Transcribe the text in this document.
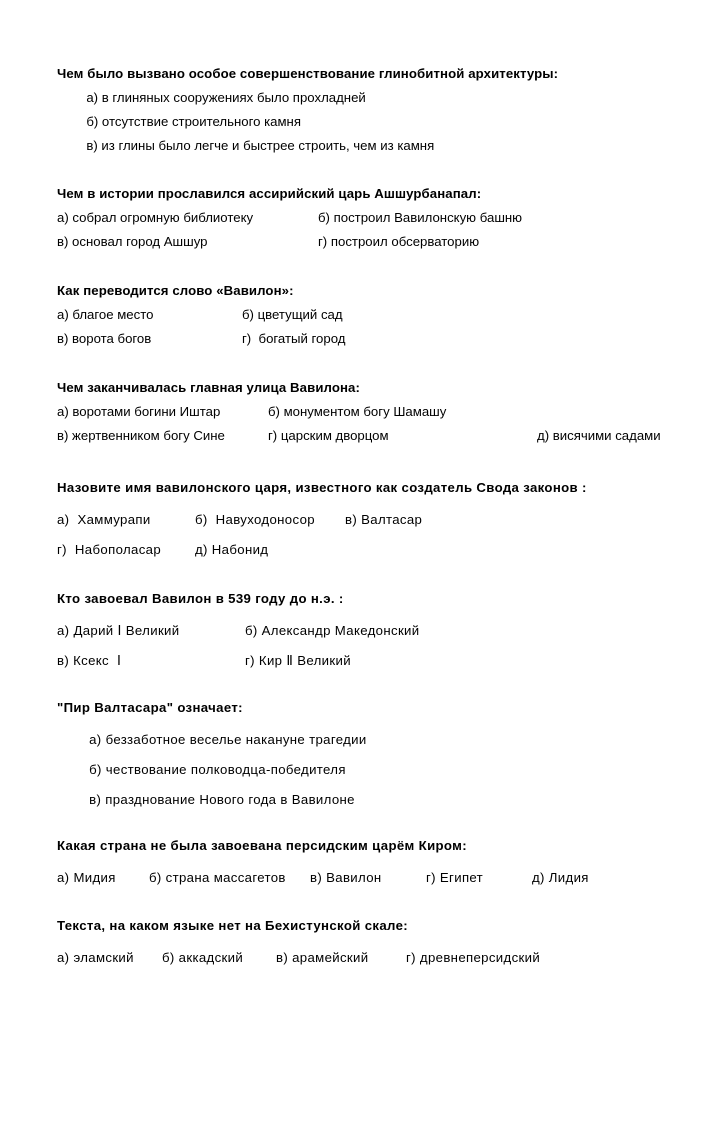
Чем было вызвано особое совершенствование глинобитной архитектуры:

а) в глиняных сооружениях было прохладней

б) отсутствие строительного камня

в) из глины было легче и быстрее строить, чем из камня

Чем в истории прославился ассирийский царь Ашшурбанапал:

а) собрал огромную библиотеку

	б) построил Вавилонскую башню

в) основал город Ашшур

	г) построил обсерваторию

Как переводится слово «Вавилон»:

а) благое место

	б) цветущий сад

в) ворота богов

	г)  богатый город

Чем заканчивалась главная улица Вавилона:

а) воротами богини Иштар

	б) монументом богу Шамашу

в) жертвенником богу Сине

	г) царским дворцом

	д) висячими садами

Назовите имя вавилонского царя, известного как создатель Свода законов :

а)  Хаммурапи

	б)  Навуходоносор

в) Валтасар

г)  Набополасар

	д) Набонид

Кто завоевал Вавилон в 539 году до н.э. :

а) Дарий Ⅰ Великий

	б) Александр Македонский

в) Ксекс  Ⅰ

	г) Кир Ⅱ Великий

"Пир Валтасара" означает:

а) беззаботное веселье накануне трагедии

б) чествование полководца-победителя

в) празднование Нового года в Вавилоне

Какая страна не была завоевана персидским царём Киром:

а) Мидия

	б) страна массагетов

в) Вавилон

	г) Египет

	д) Лидия

Текста, на каком языке нет на Бехистунской скале:

а) эламский

б) аккадский

в) арамейский

	г) древнеперсидский
